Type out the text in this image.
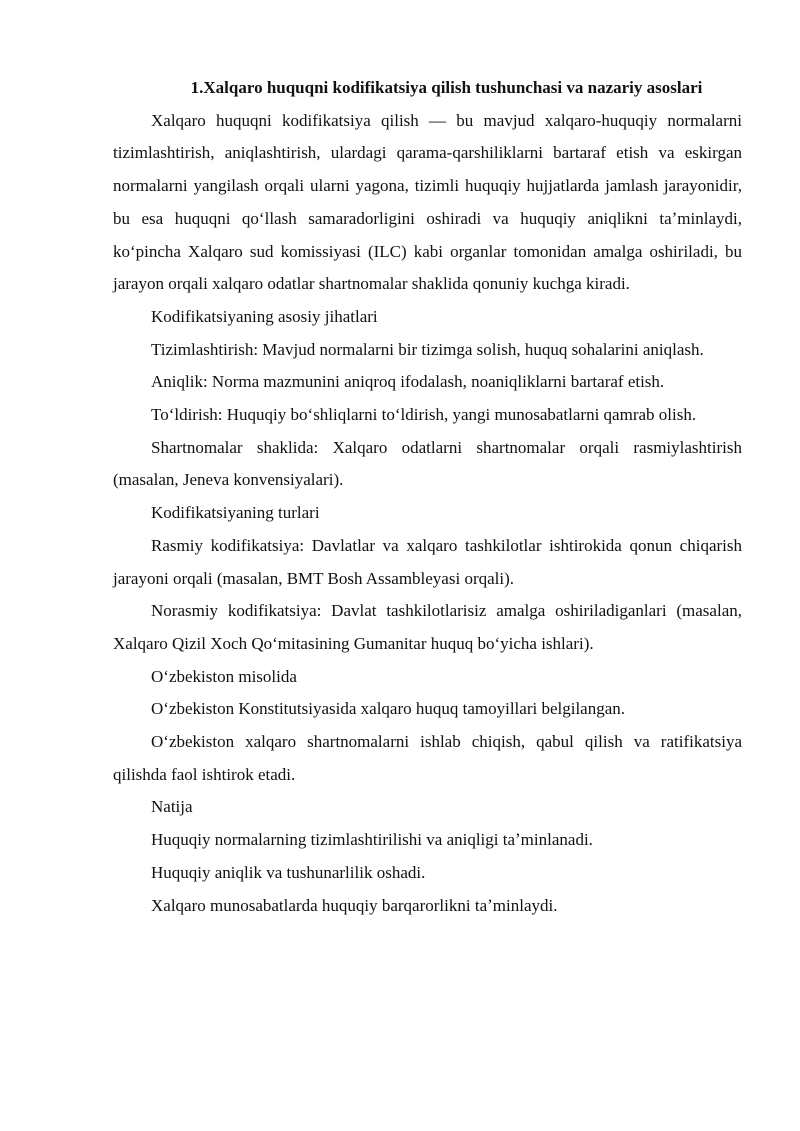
1.Xalqaro huquqni kodifikatsiya qilish tushunchasi va nazariy asoslari

Xalqaro huquqni kodifikatsiya qilish — bu mavjud xalqaro-huquqiy normalarni tizimlashtirish, aniqlashtirish, ulardagi qarama-qarshiliklarni bartaraf etish va eskirgan normalarni yangilash orqali ularni yagona, tizimli huquqiy hujjatlarda jamlash jarayonidir, bu esa huquqni qoʻllash samaradorligini oshiradi va huquqiy aniqlikni taʼminlaydi, koʻpincha Xalqaro sud komissiyasi (ILC) kabi organlar tomonidan amalga oshiriladi, bu jarayon orqali xalqaro odatlar shartnomalar shaklida qonuniy kuchga kiradi.

Kodifikatsiyaning asosiy jihatlari

Tizimlashtirish: Mavjud normalarni bir tizimga solish, huquq sohalarini aniqlash.

Aniqlik: Norma mazmunini aniqroq ifodalash, noaniqliklarni bartaraf etish.

Toʻldirish: Huquqiy boʻshliqlarni toʻldirish, yangi munosabatlarni qamrab olish.

Shartnomalar shaklida: Xalqaro odatlarni shartnomalar orqali rasmiylashtirish (masalan, Jeneva konvensiyalari).

Kodifikatsiyaning turlari

Rasmiy kodifikatsiya: Davlatlar va xalqaro tashkilotlar ishtirokida qonun chiqarish jarayoni orqali (masalan, BMT Bosh Assambleyasi orqali).

Norasmiy kodifikatsiya: Davlat tashkilotlarisiz amalga oshiriladiganlari (masalan, Xalqaro Qizil Xoch Qoʻmitasining Gumanitar huquq boʻyicha ishlari).

Oʻzbekiston misolida

Oʻzbekiston Konstitutsiyasida xalqaro huquq tamoyillari belgilangan.

Oʻzbekiston xalqaro shartnomalarni ishlab chiqish, qabul qilish va ratifikatsiya qilishda faol ishtirok etadi.

Natija

Huquqiy normalarning tizimlashtirilishi va aniqligi taʼminlanadi.

Huquqiy aniqlik va tushunarlilik oshadi.

Xalqaro munosabatlarda huquqiy barqarorlikni taʼminlaydi.
